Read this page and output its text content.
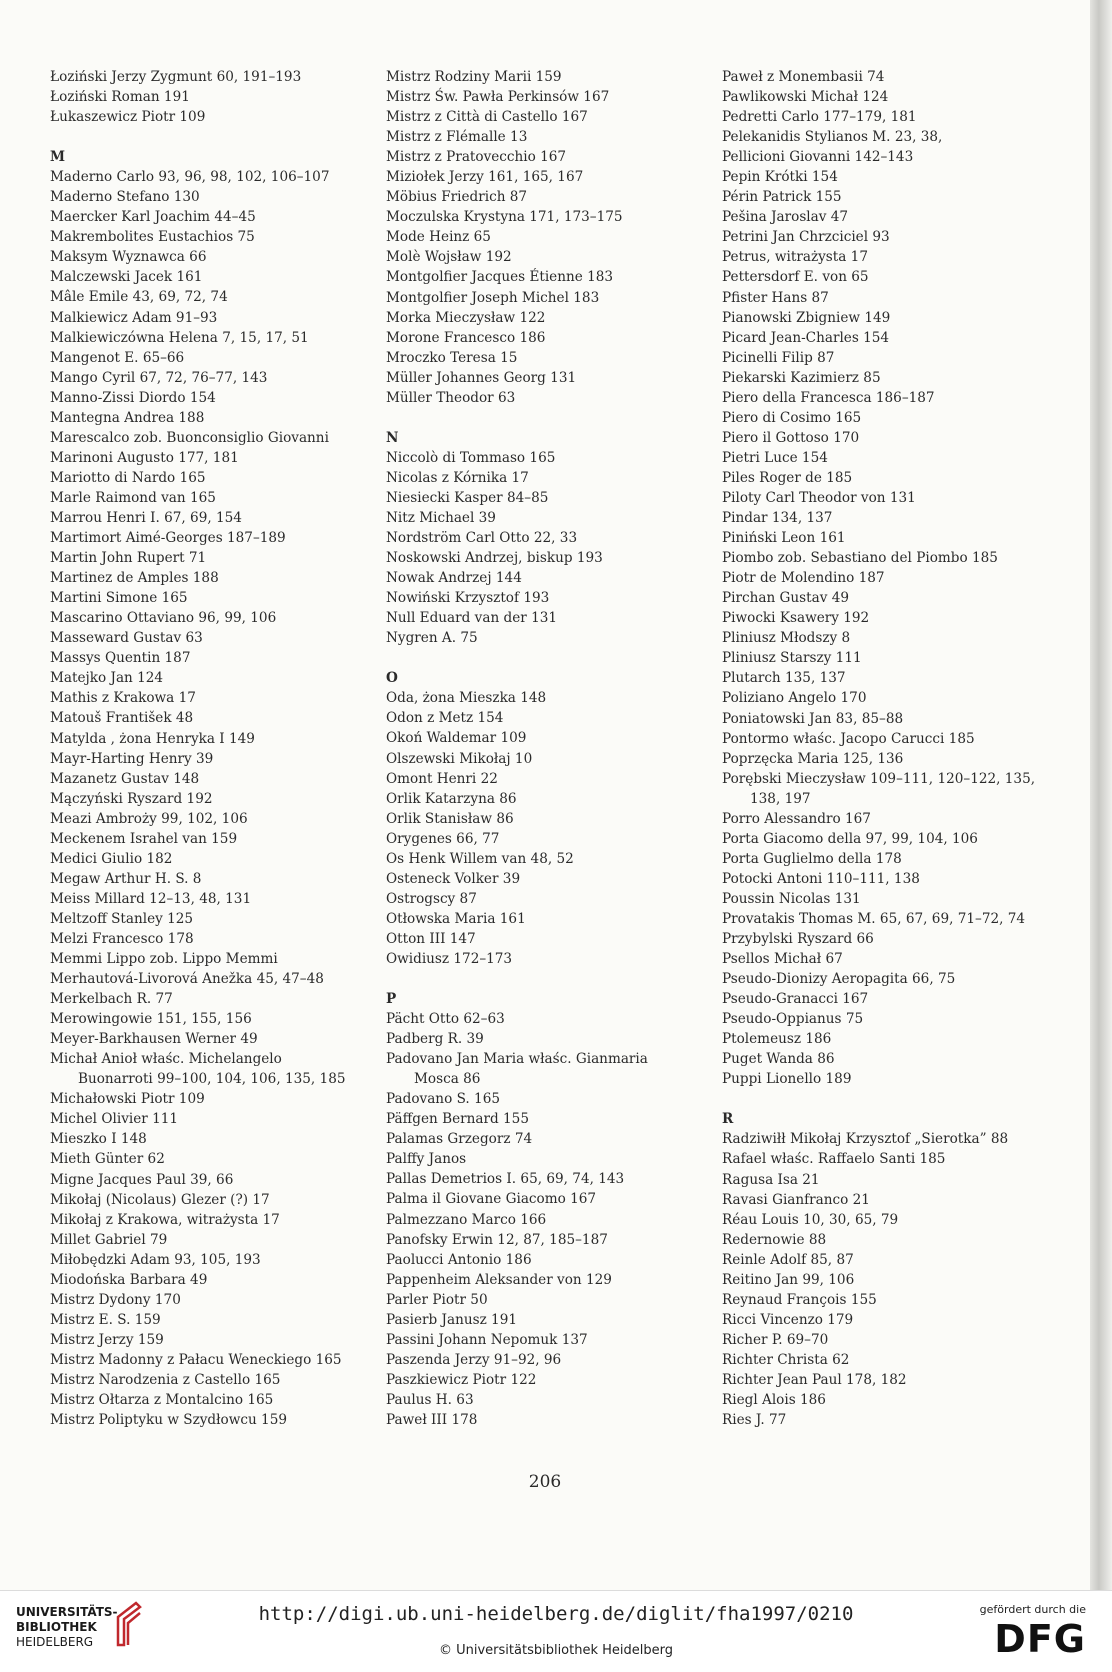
Łoziński Jerzy Zygmunt 60, 191–193
Łoziński Roman 191
Łukaszewicz Piotr 109
M
Maderno Carlo 93, 96, 98, 102, 106–107
Maderno Stefano 130
Maercker Karl Joachim 44–45
Makrembolites Eustachios 75
Maksym Wyznawca 66
Malczewski Jacek 161
Mâle Emile 43, 69, 72, 74
Malkiewicz Adam 91–93
Malkiewiczówna Helena 7, 15, 17, 51
Mangenot E. 65–66
Mango Cyril 67, 72, 76–77, 143
Manno-Zissi Diordo 154
Mantegna Andrea 188
Marescalco zob. Buonconsiglio Giovanni
Marinoni Augusto 177, 181
Mariotto di Nardo 165
Marle Raimond van 165
Marrou Henri I. 67, 69, 154
Martimort Aimé-Georges 187–189
Martin John Rupert 71
Martinez de Amples 188
Martini Simone 165
Mascarino Ottaviano 96, 99, 106
Masseward Gustav 63
Massys Quentin 187
Matejko Jan 124
Mathis z Krakowa 17
Matouš František 48
Matylda , żona Henryka I 149
Mayr-Harting Henry 39
Mazanetz Gustav 148
Mączyński Ryszard 192
Meazi Ambroży 99, 102, 106
Meckenem Israhel van 159
Medici Giulio 182
Megaw Arthur H. S. 8
Meiss Millard 12–13, 48, 131
Meltzoff Stanley 125
Melzi Francesco 178
Memmi Lippo zob. Lippo Memmi
Merhautová-Livorová Anežka 45, 47–48
Merkelbach R. 77
Merowingowie 151, 155, 156
Meyer-Barkhausen Werner 49
Michał Anioł właśc. Michelangelo Buonarroti 99–100, 104, 106, 135, 185
Michałowski Piotr 109
Michel Olivier 111
Mieszko I 148
Mieth Günter 62
Migne Jacques Paul 39, 66
Mikołaj (Nicolaus) Glezer (?) 17
Mikołaj z Krakowa, witrażysta 17
Millet Gabriel 79
Miłobędzki Adam 93, 105, 193
Miodońska Barbara 49
Mistrz Dydony 170
Mistrz E. S. 159
Mistrz Jerzy 159
Mistrz Madonny z Pałacu Weneckiego 165
Mistrz Narodzenia z Castello 165
Mistrz Ołtarza z Montalcino 165
Mistrz Poliptyku w Szydłowcu 159
Mistrz Rodziny Marii 159
Mistrz Św. Pawła Perkinsów 167
Mistrz z Città di Castello 167
Mistrz z Flémalle 13
Mistrz z Pratovecchio 167
Miziołek Jerzy 161, 165, 167
Möbius Friedrich 87
Moczulska Krystyna 171, 173–175
Mode Heinz 65
Molè Wojsław 192
Montgolfier Jacques Étienne 183
Montgolfier Joseph Michel 183
Morka Mieczysław 122
Morone Francesco 186
Mroczko Teresa 15
Müller Johannes Georg 131
Müller Theodor 63
N
Niccolò di Tommaso 165
Nicolas z Kórnika 17
Niesiecki Kasper 84–85
Nitz Michael 39
Nordström Carl Otto 22, 33
Noskowski Andrzej, biskup 193
Nowak Andrzej 144
Nowiński Krzysztof 193
Null Eduard van der 131
Nygren A. 75
O
Oda, żona Mieszka 148
Odon z Metz 154
Okoń Waldemar 109
Olszewski Mikołaj 10
Omont Henri 22
Orlik Katarzyna 86
Orlik Stanisław 86
Orygenes 66, 77
Os Henk Willem van 48, 52
Osteneck Volker 39
Ostrogscy 87
Otłowska Maria 161
Otton III 147
Owidiusz 172–173
P
Pächt Otto 62–63
Padberg R. 39
Padovano Jan Maria właśc. Gianmaria Mosca 86
Padovano S. 165
Päffgen Bernard 155
Palamas Grzegorz 74
Palffy Janos
Pallas Demetrios I. 65, 69, 74, 143
Palma il Giovane Giacomo 167
Palmezzano Marco 166
Panofsky Erwin 12, 87, 185–187
Paolucci Antonio 186
Pappenheim Aleksander von 129
Parler Piotr 50
Pasierb Janusz 191
Passini Johann Nepomuk 137
Paszenda Jerzy 91–92, 96
Paszkiewicz Piotr 122
Paulus H. 63
Paweł III 178
Paweł z Monembasii 74
Pawlikowski Michał 124
Pedretti Carlo 177–179, 181
Pelekanidis Stylianos M. 23, 38,
Pellicioni Giovanni 142–143
Pepin Krótki 154
Périn Patrick 155
Pešina Jaroslav 47
Petrini Jan Chrzciciel 93
Petrus, witrażysta 17
Pettersdorf E. von 65
Pfister Hans 87
Pianowski Zbigniew 149
Picard Jean-Charles 154
Picinelli Filip 87
Piekarski Kazimierz 85
Piero della Francesca 186–187
Piero di Cosimo 165
Piero il Gottoso 170
Pietri Luce 154
Piles Roger de 185
Piloty Carl Theodor von 131
Pindar 134, 137
Piniński Leon 161
Piombo zob. Sebastiano del Piombo 185
Piotr de Molendino 187
Pirchan Gustav 49
Piwocki Ksawery 192
Pliniusz Młodszy 8
Pliniusz Starszy 111
Plutarch 135, 137
Poliziano Angelo 170
Poniatowski Jan 83, 85–88
Pontormo właśc. Jacopo Carucci 185
Poprzęcka Maria 125, 136
Porębski Mieczysław 109–111, 120–122, 135, 138, 197
Porro Alessandro 167
Porta Giacomo della 97, 99, 104, 106
Porta Guglielmo della 178
Potocki Antoni 110–111, 138
Poussin Nicolas 131
Provatakis Thomas M. 65, 67, 69, 71–72, 74
Przybylski Ryszard 66
Psellos Michał 67
Pseudo-Dionizy Aeropagita 66, 75
Pseudo-Granacci 167
Pseudo-Oppianus 75
Ptolemeusz 186
Puget Wanda 86
Puppi Lionello 189
R
Radziwiłł Mikołaj Krzysztof „Sierotka” 88
Rafael właśc. Raffaelo Santi 185
Ragusa Isa 21
Ravasi Gianfranco 21
Réau Louis 10, 30, 65, 79
Redernowie 88
Reinle Adolf 85, 87
Reitino Jan 99, 106
Reynaud François 155
Ricci Vincenzo 179
Richer P. 69–70
Richter Christa 62
Richter Jean Paul 178, 182
Riegl Alois 186
Ries J. 77
206
UNIVERSITÄTS-
BIBLIOTHEK
HEIDELBERG
http://digi.ub.uni-heidelberg.de/diglit/fha1997/0210
© Universitätsbibliothek Heidelberg
gefördert durch die
DFG
